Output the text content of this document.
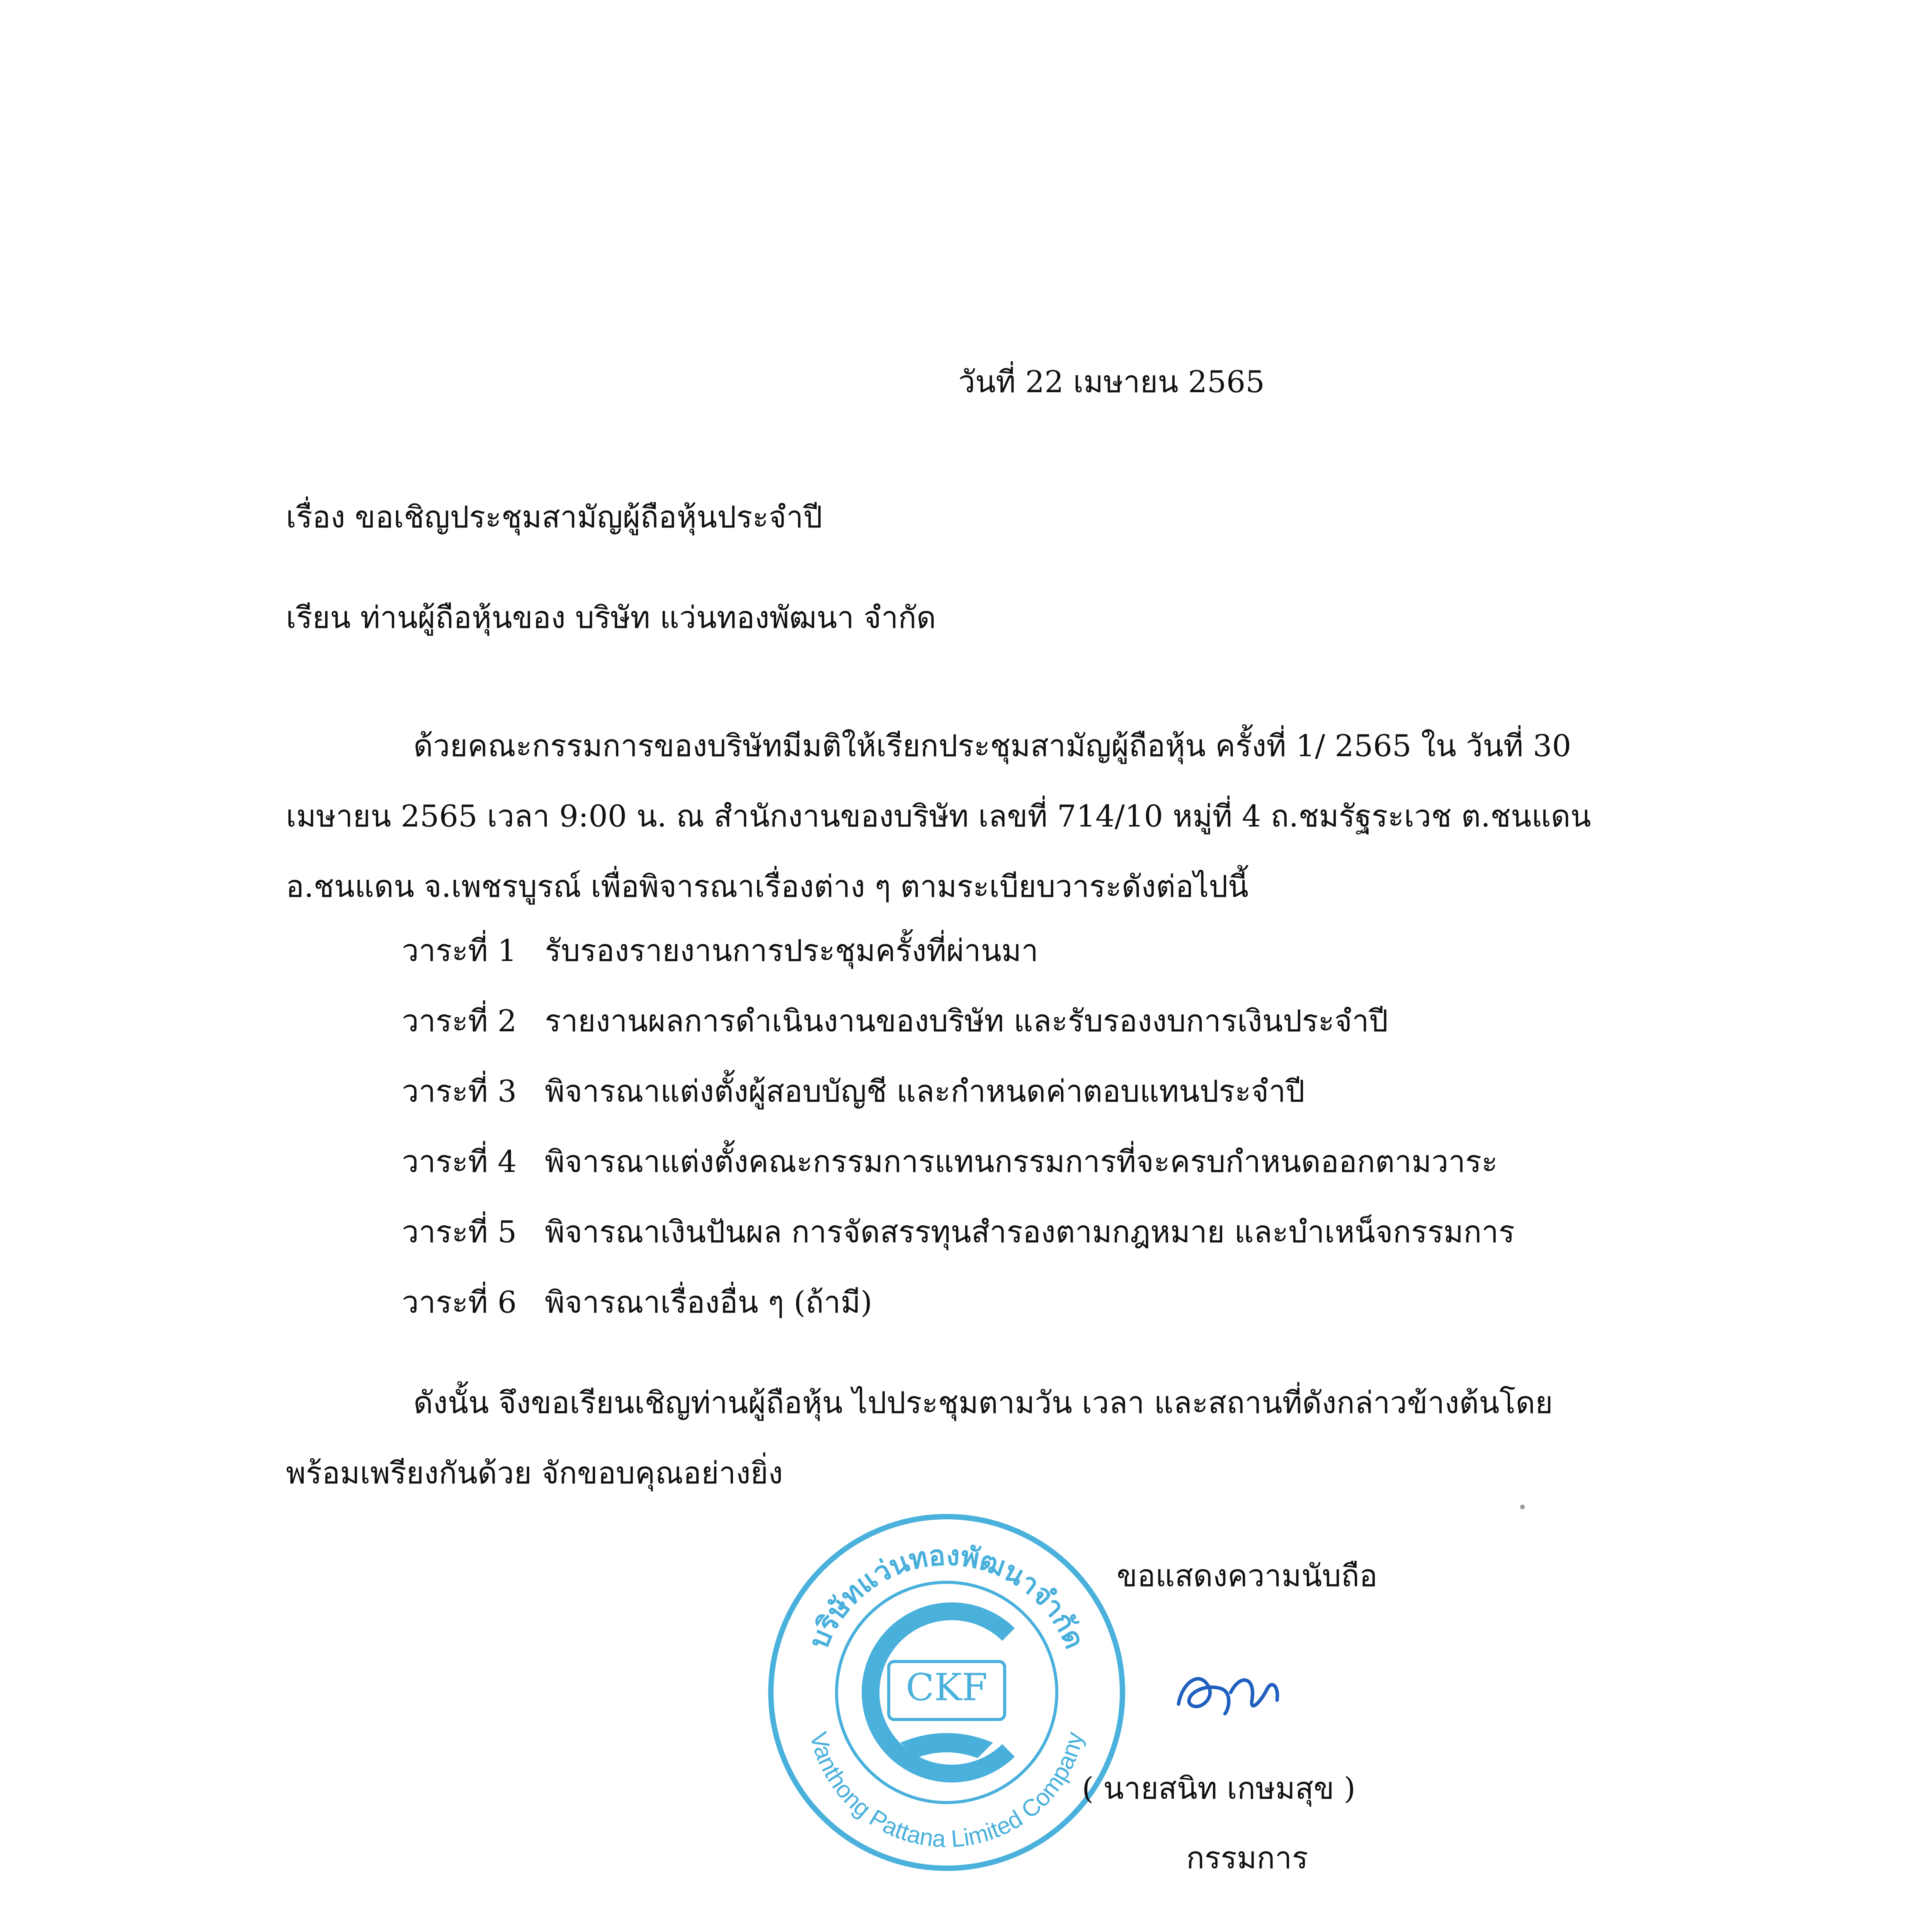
วันที่ 22 เมษายน 2565
เรื่อง ขอเชิญประชุมสามัญผู้ถือหุ้นประจำปี
เรียน ท่านผู้ถือหุ้นของ บริษัท แว่นทองพัฒนา จำกัด
ด้วยคณะกรรมการของบริษัทมีมติให้เรียกประชุมสามัญผู้ถือหุ้น ครั้งที่ 1/ 2565 ใน วันที่ 30 เมษายน 2565 เวลา 9:00 น. ณ สำนักงานของบริษัท เลขที่ 714/10 หมู่ที่ 4 ถ.ชมรัฐระเวช ต.ชนแดน อ.ชนแดน จ.เพชรบูรณ์ เพื่อพิจารณาเรื่องต่าง ๆ ตามระเบียบวาระดังต่อไปนี้
วาระที่ 1 รับรองรายงานการประชุมครั้งที่ผ่านมา
วาระที่ 2 รายงานผลการดำเนินงานของบริษัท และรับรองงบการเงินประจำปี
วาระที่ 3 พิจารณาแต่งตั้งผู้สอบบัญชี และกำหนดค่าตอบแทนประจำปี
วาระที่ 4 พิจารณาแต่งตั้งคณะกรรมการแทนกรรมการที่จะครบกำหนดออกตามวาระ
วาระที่ 5 พิจารณาเงินปันผล การจัดสรรทุนสำรองตามกฎหมาย และบำเหน็จกรรมการ
วาระที่ 6 พิจารณาเรื่องอื่น ๆ (ถ้ามี)
ดังนั้น จึงขอเรียนเชิญท่านผู้ถือหุ้น ไปประชุมตามวัน เวลา และสถานที่ดังกล่าวข้างต้นโดย พร้อมเพรียงกันด้วย จักขอบคุณอย่างยิ่ง
ขอแสดงความนับถือ
บริษัทแว่นทองพัฒนาจำกัด
Vanthong Pattana Limited Company
CKF
( นายสนิท เกษมสุข )
กรรมการ
